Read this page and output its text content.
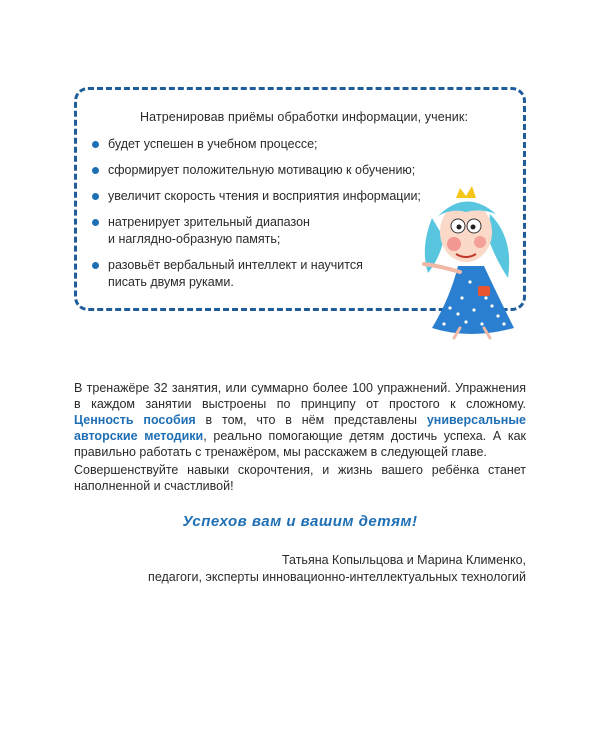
Натренировав приёмы обработки информации, ученик:
будет успешен в учебном процессе;
сформирует положительную мотивацию к обучению;
увеличит скорость чтения и восприятия информации;
натренирует зрительный диапазон
и наглядно-образную память;
разовьёт вербальный интеллект и научится
писать двумя руками.

В тренажёре 32 занятия, или суммарно более 100 упражнений. Упражнения в каждом занятии выстроены по принципу от простого к сложному. Ценность пособия в том, что в нём представлены универсальные авторские методики, реально помогающие детям достичь успеха. А как правильно работать с тренажёром, мы расскажем в следующей главе.

Совершенствуйте навыки скорочтения, и жизнь вашего ребёнка станет наполненной и счастливой!

Успехов вам и вашим детям!
Татьяна Копыльцова и Марина Клименко,
педагоги, эксперты инновационно-интеллектуальных технологий
